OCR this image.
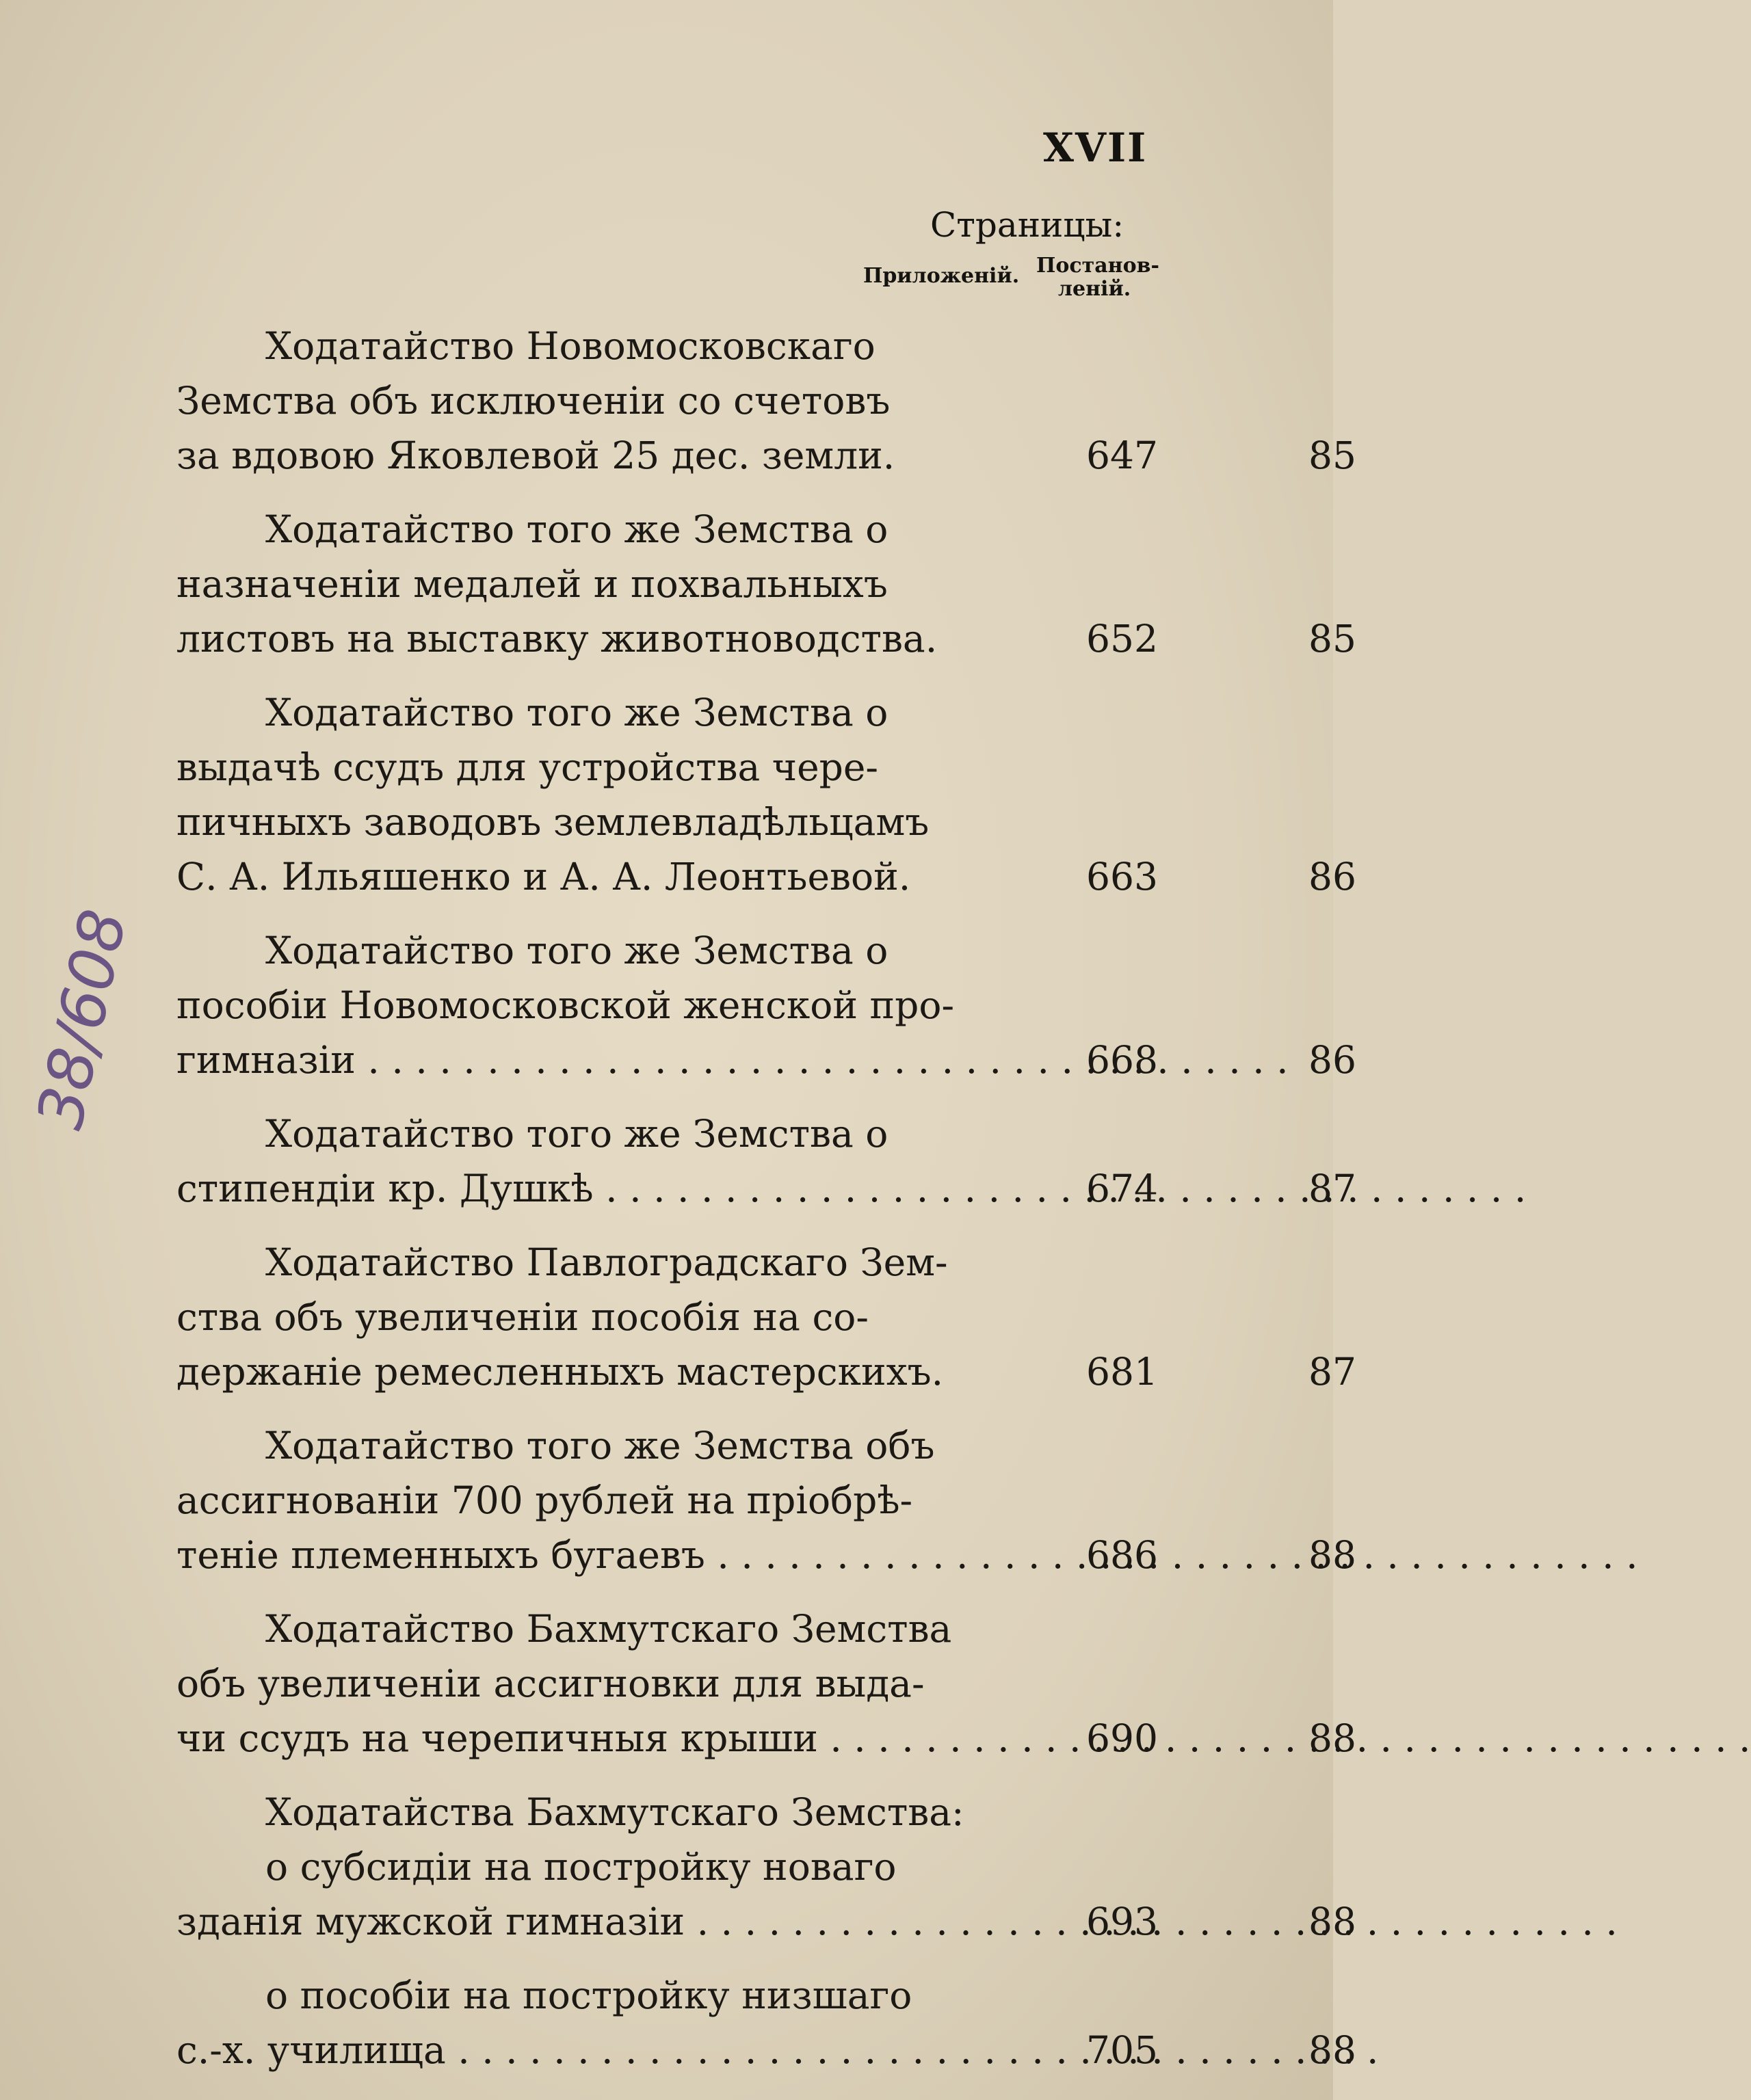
XVII
Страницы:
Приложеній. Постанов-
леній.
38/608
Ходатайство Новомосковскаго
Земства объ исключеніи со счетовъ
за вдовою Яковлевой 25 дес. земли.	647	85
Ходатайство того же Земства о
назначеніи медалей и похвальныхъ
листовъ на выставку животноводства.	652	85
Ходатайство того же Земства о
выдачѣ ссудъ для устройства чере-
пичныхъ заводовъ землевладѣльцамъ
С. А. Ильяшенко и А. А. Леонтьевой.	663	86
Ходатайство того же Земства о
пособіи Новомосковской женской про-
гимназіи . . .	668	86
Ходатайство того же Земства о
стипендіи кр. Душкѣ . . .	674	87
Ходатайство Павлоградскаго Зем-
ства объ увеличеніи пособія на со-
держаніе ремесленныхъ мастерскихъ.	681	87
Ходатайство того же Земства объ
ассигнованіи 700 рублей на пріобрѣ-
теніе племенныхъ бугаевъ . . .	686	88
Ходатайство Бахмутскаго Земства
объ увеличеніи ассигновки для выда-
чи ссудъ на черепичныя крыши . . .	690	88
Ходатайства Бахмутскаго Земства:
о субсидіи на постройку новаго
зданія мужской гимназіи . . .	693	88
о пособіи на постройку низшаго
с.-х. училища . . .	705	88
